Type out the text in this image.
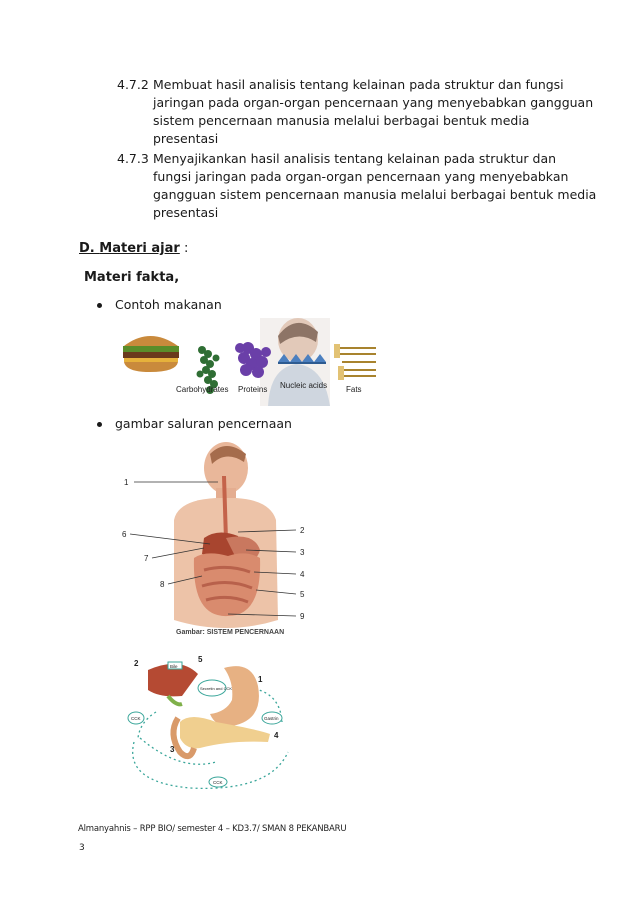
4.7.2 Membuat hasil analisis tentang kelainan pada struktur dan fungsi
jaringan pada organ-organ pencernaan yang menyebabkan gangguan
sistem pencernaan manusia melalui berbagai bentuk media
presentasi
4.7.3 Menyajikankan hasil analisis tentang kelainan pada struktur dan
fungsi jaringan pada organ-organ pencernaan yang menyebabkan
gangguan sistem pencernaan manusia melalui berbagai bentuk media
presentasi
D. Materi ajar :
Materi fakta,
Contoh makanan
Carbohydrates Proteins Nucleic acids Fats
gambar saluran pencernaan
1
2
3
4
5
6
7
8
9
Gambar: SISTEM PENCERNAAN
Bile
Secretin and CCK
Gastrin
CCK
CCK
1
2
3
4
5
Almanyahnis – RPP BIO/ semester 4 – KD3.7/ SMAN 8 PEKANBARU
3
